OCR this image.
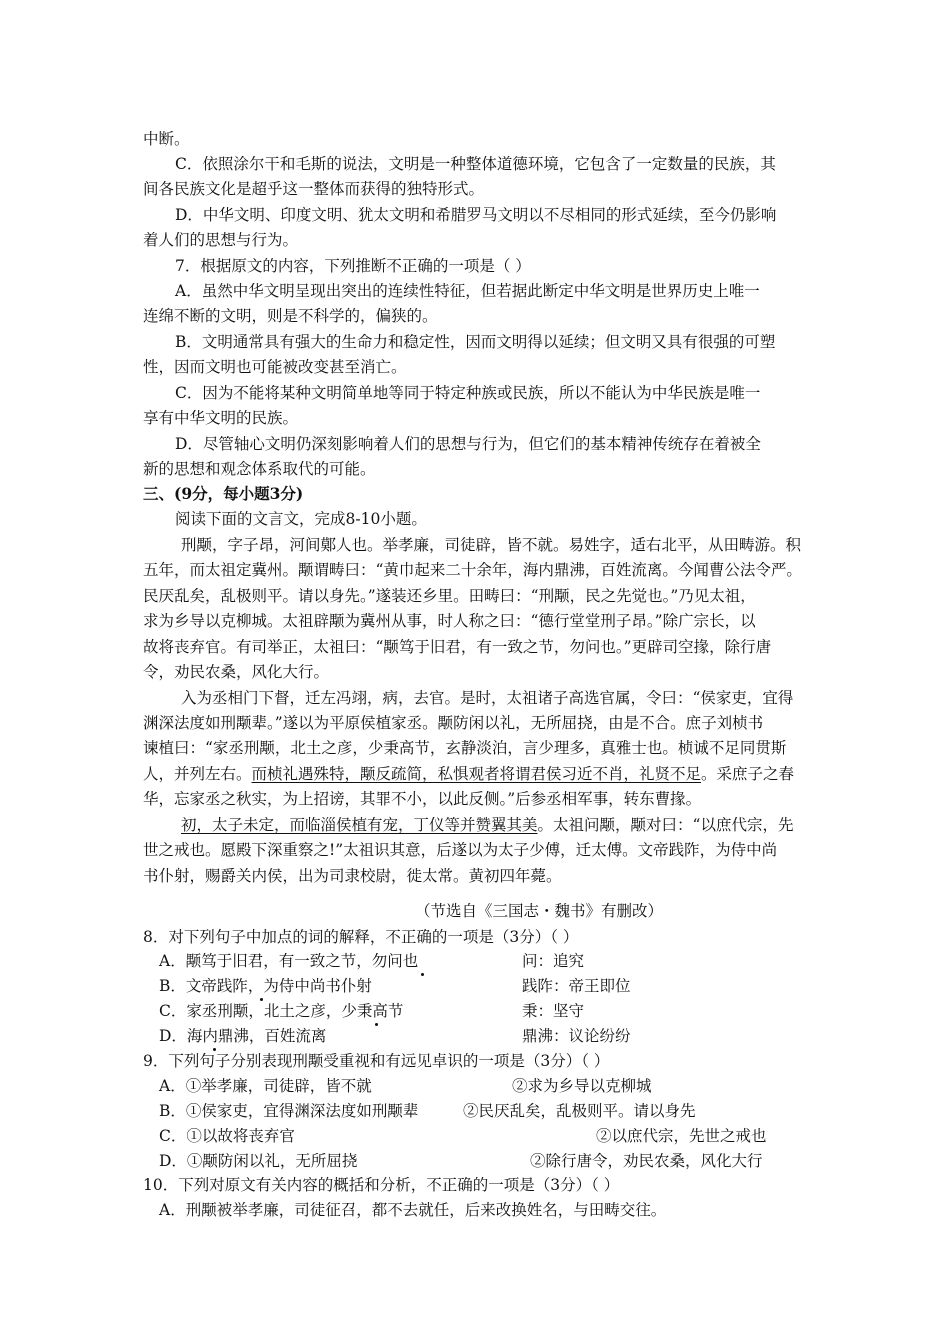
中断。
C．依照涂尔干和毛斯的说法，文明是一种整体道德环境，它包含了一定数量的民族，其
间各民族文化是超乎这一整体而获得的独特形式。
D．中华文明、印度文明、犹太文明和希腊罗马文明以不尽相同的形式延续，至今仍影响
着人们的思想与行为。
7．根据原文的内容，下列推断不正确的一项是（ ）
A．虽然中华文明呈现出突出的连续性特征，但若据此断定中华文明是世界历史上唯一
连绵不断的文明，则是不科学的，偏狭的。
B．文明通常具有强大的生命力和稳定性，因而文明得以延续；但文明又具有很强的可塑
性，因而文明也可能被改变甚至消亡。
C．因为不能将某种文明简单地等同于特定种族或民族，所以不能认为中华民族是唯一
享有中华文明的民族。
D．尽管轴心文明仍深刻影响着人们的思想与行为，但它们的基本精神传统存在着被全
新的思想和观念体系取代的可能。
三、(9分，每小题3分)
阅读下面的文言文，完成8-10小题。
刑颙，字子昂，河间鄚人也。举孝廉，司徒辟，皆不就。易姓字，适右北平，从田畴游。积
五年，而太祖定冀州。颙谓畴曰：“黄巾起来二十余年，海内鼎沸，百姓流离。今闻曹公法令严。
民厌乱矣，乱极则平。请以身先。”遂装还乡里。田畴曰：“刑颙，民之先觉也。”乃见太祖，
求为乡导以克柳城。太祖辟颙为冀州从事，时人称之曰：“德行堂堂刑子昂。”除广宗长，以
故将丧弃官。有司举正，太祖曰：“颙笃于旧君，有一致之节，勿问也。”更辟司空掾，除行唐
令，劝民农桑，风化大行。
入为丞相门下督，迁左冯翊，病，去官。是时，太祖诸子高选官属，令曰：“侯家吏，宜得
渊深法度如刑颙辈。”遂以为平原侯植家丞。颙防闲以礼，无所屈挠，由是不合。庶子刘桢书
谏植曰：“家丞刑颙，北土之彦，少秉高节，玄静淡泊，言少理多，真雅士也。桢诚不足同贯斯
人，并列左右。而桢礼遇殊特，颙反疏简，私惧观者将谓君侯习近不肖，礼贤不足。采庶子之春
华，忘家丞之秋实，为上招谤，其罪不小，以此反侧。”后参丞相军事，转东曹掾。
初，太子未定，而临淄侯植有宠，丁仪等并赞翼其美。太祖问颙，颙对曰：“以庶代宗，先
世之戒也。愿殿下深重察之!”太祖识其意，后遂以为太子少傅，迁太傅。文帝践阼，为侍中尚
书仆射，赐爵关内侯，出为司隶校尉，徙太常。黄初四年薨。
（节选自《三国志・魏书》有删改）
8．对下列句子中加点的词的解释，不正确的一项是（3分）（ ）
A．颙笃于旧君，有一致之节，勿问也	问：追究
B．文帝践阼，为侍中尚书仆射	践阼：帝王即位
C．家丞刑颙，北土之彦，少秉高节	秉：坚守
D．海内鼎沸，百姓流离	鼎沸：议论纷纷
9．下列句子分别表现刑颙受重视和有远见卓识的一项是（3分）（ ）
A．①举孝廉，司徒辟，皆不就	②求为乡导以克柳城
B．①侯家吏，宜得渊深法度如刑颙辈	②民厌乱矣，乱极则平。请以身先
C．①以故将丧弃官	②以庶代宗，先世之戒也
D．①颙防闲以礼，无所屈挠	②除行唐令，劝民农桑，风化大行
10．下列对原文有关内容的概括和分析，不正确的一项是（3分）（ ）
A．刑颙被举孝廉，司徒征召，都不去就任，后来改换姓名，与田畴交往。
